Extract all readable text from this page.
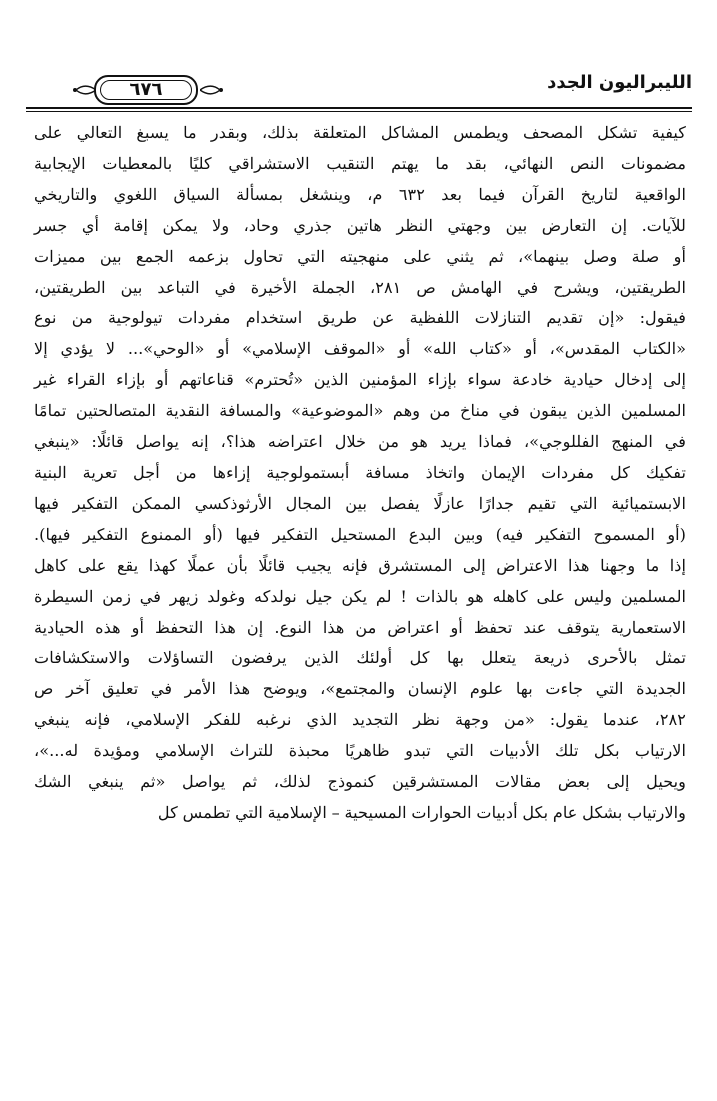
الليبراليون الجدد
٦٧٦

كيفية تشكل المصحف ويطمس المشاكل المتعلقة بذلك، وبقدر ما يسبغ التعالي على

مضمونات النص النهائي، بقد ما يهتم التنقيب الاستشراقي كليًا بالمعطيات الإيجابية

الواقعية لتاريخ القرآن فيما بعد ٦٣٢ م، وينشغل بمسألة السياق اللغوي والتاريخي

للآيات. إن التعارض بين وجهتي النظر هاتين جذري وحاد، ولا يمكن إقامة أي جسر

أو صلة وصل بينهما»، ثم يثني على منهجيته التي تحاول بزعمه الجمع بين مميزات

الطريقتين، ويشرح في الهامش ص ٢٨١، الجملة الأخيرة في التباعد بين الطريقتين،

فيقول: «إن تقديم التنازلات اللفظية عن طريق استخدام مفردات تيولوجية من نوع

«الكتاب المقدس»، أو «كتاب الله» أو «الموقف الإسلامي» أو «الوحي»... لا يؤدي إلا

إلى إدخال حيادية خادعة سواء بإزاء المؤمنين الذين «تُحترم» قناعاتهم أو بإزاء القراء غير

المسلمين الذين يبقون في مناخ من وهم «الموضوعية» والمسافة النقدية المتصالحتين تمامًا

في المنهج الفللوجي»، فماذا يريد هو من خلال اعتراضه هذا؟، إنه يواصل قائلًا: «ينبغي

تفكيك كل مفردات الإيمان واتخاذ مسافة أبستمولوجية إزاءها من أجل تعرية البنية

الابستميائية التي تقيم جدارًا عازلًا يفصل بين المجال الأرثوذكسي الممكن التفكير فيها

(أو المسموح التفكير فيه) وبين البدع المستحيل التفكير فيها (أو الممنوع التفكير فيها).

إذا ما وجهنا هذا الاعتراض إلى المستشرق فإنه يجيب قائلًا بأن عملًا كهذا يقع على كاهل

المسلمين وليس على كاهله هو بالذات ! لم يكن جيل نولدكه وغولد زيهر في زمن السيطرة

الاستعمارية يتوقف عند تحفظ أو اعتراض من هذا النوع. إن هذا التحفظ أو هذه الحيادية

تمثل بالأحرى ذريعة يتعلل بها كل أولئك الذين يرفضون التساؤلات والاستكشافات

الجديدة التي جاءت بها علوم الإنسان والمجتمع»، ويوضح هذا الأمر في تعليق آخر ص

٢٨٢، عندما يقول: «من وجهة نظر التجديد الذي نرغبه للفكر الإسلامي، فإنه ينبغي

الارتياب بكل تلك الأدبيات التي تبدو ظاهريًا محبذة للتراث الإسلامي ومؤيدة له...»،

ويحيل إلى بعض مقالات المستشرقين كنموذج لذلك، ثم يواصل «ثم ينبغي الشك

والارتياب بشكل عام بكل أدبيات الحوارات المسيحية – الإسلامية التي تطمس كل
